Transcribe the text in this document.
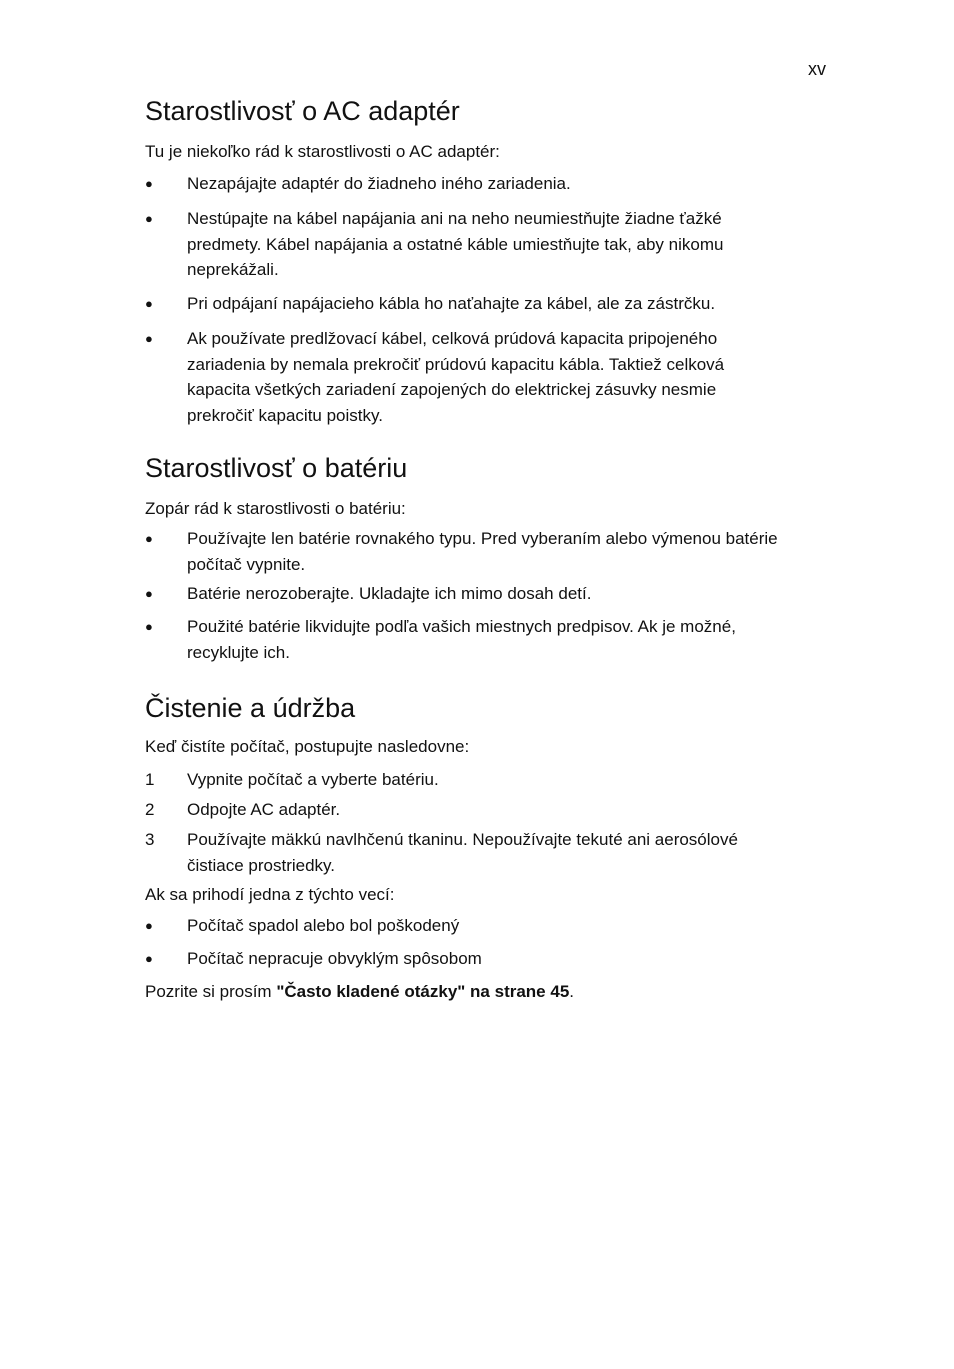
xv
Starostlivosť o AC adaptér

Tu je niekoľko rád k starostlivosti o AC adaptér:

● Nezapájajte adaptér do žiadneho iného zariadenia.
● Nestúpajte na kábel napájania ani na neho neumiestňujte žiadne ťažké
predmety. Kábel napájania a ostatné káble umiestňujte tak, aby nikomu
neprekážali.
● Pri odpájaní napájacieho kábla ho naťahajte za kábel, ale za zástrčku.
● Ak používate predlžovací kábel, celková prúdová kapacita pripojeného
zariadenia by nemala prekročiť prúdovú kapacitu kábla. Taktiež celková
kapacita všetkých zariadení zapojených do elektrickej zásuvky nesmie
prekročiť kapacitu poistky.
Starostlivosť o batériu

Zopár rád k starostlivosti o batériu:

● Používajte len batérie rovnakého typu. Pred vyberaním alebo výmenou batérie
počítač vypnite.
● Batérie nerozoberajte. Ukladajte ich mimo dosah detí.
● Použité batérie likvidujte podľa vašich miestnych predpisov. Ak je možné,
recyklujte ich.
Čistenie a údržba

Keď čistíte počítač, postupujte nasledovne:

1 Vypnite počítač a vyberte batériu.
2 Odpojte AC adaptér.
3 Používajte mäkkú navlhčenú tkaninu. Nepoužívajte tekuté ani aerosólové
čistiace prostriedky.

Ak sa prihodí jedna z týchto vecí:

● Počítač spadol alebo bol poškodený
● Počítač nepracuje obvyklým spôsobom

Pozrite si prosím "Často kladené otázky" na strane 45.
